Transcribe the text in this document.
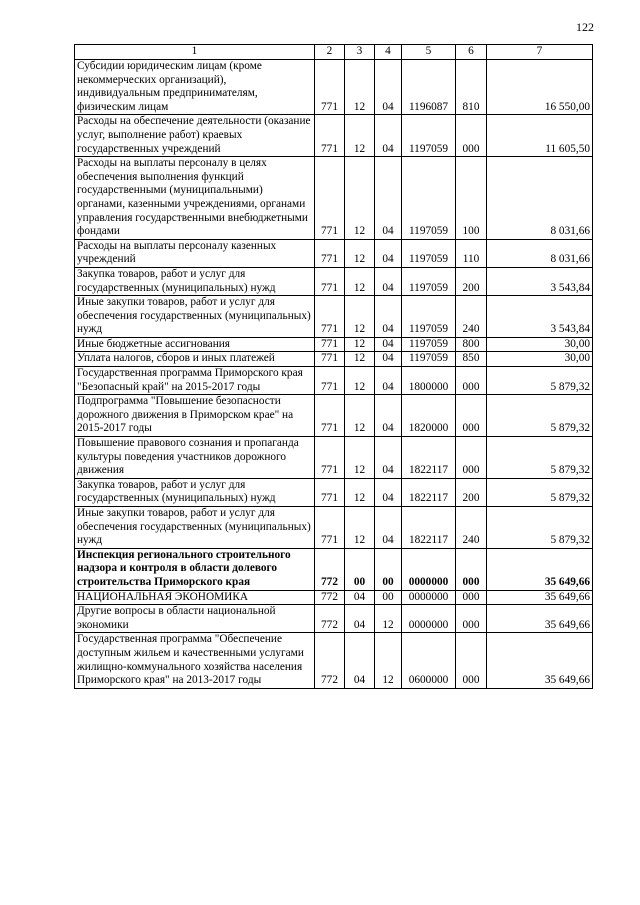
122
1	2	3	4	5	6	7
Субсидии юридическим лицам (кроме некоммерческих организаций), индивидуальным предпринимателям, физическим лицам	771	12	04	1196087	810	16 550,00
Расходы на обеспечение деятельности (оказание услуг, выполнение работ) краевых государственных учреждений	771	12	04	1197059	000	11 605,50
Расходы на выплаты персоналу в целях обеспечения выполнения функций государственными (муниципальными) органами, казенными учреждениями, органами управления государственными внебюджетными фондами	771	12	04	1197059	100	8 031,66
Расходы на выплаты персоналу казенных учреждений	771	12	04	1197059	110	8 031,66
Закупка товаров, работ и услуг для государственных (муниципальных) нужд	771	12	04	1197059	200	3 543,84
Иные закупки товаров, работ и услуг для обеспечения государственных (муниципальных) нужд	771	12	04	1197059	240	3 543,84
Иные бюджетные ассигнования	771	12	04	1197059	800	30,00
Уплата налогов, сборов и иных платежей	771	12	04	1197059	850	30,00
Государственная программа Приморского края "Безопасный край" на 2015-2017 годы	771	12	04	1800000	000	5 879,32
Подпрограмма "Повышение безопасности дорожного движения в Приморском крае" на 2015-2017 годы	771	12	04	1820000	000	5 879,32
Повышение правового сознания и пропаганда культуры поведения участников дорожного движения	771	12	04	1822117	000	5 879,32
Закупка товаров, работ и услуг для государственных (муниципальных) нужд	771	12	04	1822117	200	5 879,32
Иные закупки товаров, работ и услуг для обеспечения государственных (муниципальных) нужд	771	12	04	1822117	240	5 879,32
Инспекция регионального строительного надзора и контроля в области долевого строительства Приморского края	772	00	00	0000000	000	35 649,66
НАЦИОНАЛЬНАЯ ЭКОНОМИКА	772	04	00	0000000	000	35 649,66
Другие вопросы в области национальной экономики	772	04	12	0000000	000	35 649,66
Государственная программа "Обеспечение доступным жильем и качественными услугами жилищно-коммунального хозяйства населения Приморского края" на 2013-2017 годы	772	04	12	0600000	000	35 649,66
